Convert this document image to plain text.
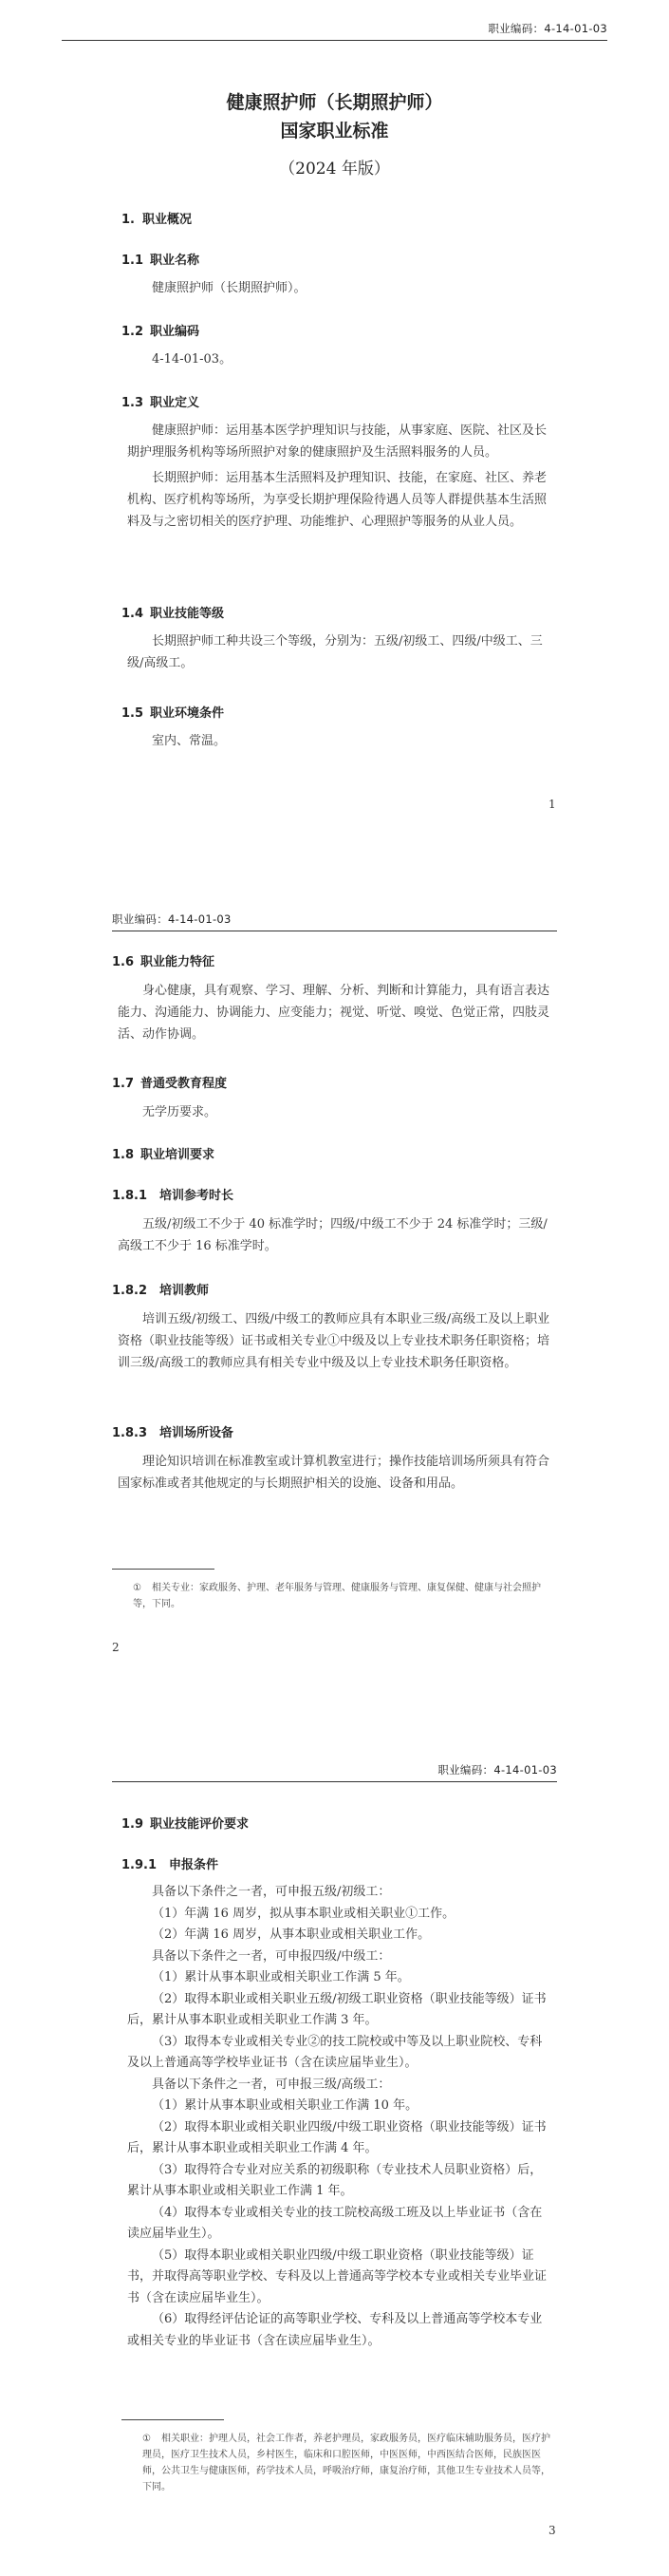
职业编码：4-14-01-03
健康照护师（长期照护师）
国家职业标准
（2024 年版）
1. 职业概况
1.1 职业名称
健康照护师（长期照护师）。
1.2 职业编码
4-14-01-03。
1.3 职业定义

健康照护师：运用基本医学护理知识与技能，从事家庭、医院、社区及长期护理服务机构等场所照护对象的健康照护及生活照料服务的人员。

长期照护师：运用基本生活照料及护理知识、技能，在家庭、社区、养老机构、医疗机构等场所，为享受长期护理保险待遇人员等人群提供基本生活照料及与之密切相关的医疗护理、功能维护、心理照护等服务的从业人员。

1.4 职业技能等级

长期照护师工种共设三个等级，分别为：五级/初级工、四级/中级工、三级/高级工。

1.5 职业环境条件
室内、常温。
1
职业编码：4-14-01-03
1.6 职业能力特征

身心健康，具有观察、学习、理解、分析、判断和计算能力，具有语言表达能力、沟通能力、协调能力、应变能力；视觉、听觉、嗅觉、色觉正常，四肢灵活、动作协调。

1.7 普通受教育程度
无学历要求。
1.8 职业培训要求
1.8.1 培训参考时长

五级/初级工不少于 40 标准学时；四级/中级工不少于 24 标准学时；三级/高级工不少于 16 标准学时。

1.8.2 培训教师

培训五级/初级工、四级/中级工的教师应具有本职业三级/高级工及以上职业资格（职业技能等级）证书或相关专业①中级及以上专业技术职务任职资格；培训三级/高级工的教师应具有相关专业中级及以上专业技术职务任职资格。

1.8.3 培训场所设备

理论知识培训在标准教室或计算机教室进行；操作技能培训场所须具有符合国家标准或者其他规定的与长期照护相关的设施、设备和用品。

① 相关专业：家政服务、护理、老年服务与管理、健康服务与管理、康复保健、健康与社会照护等，下同。
2
职业编码：4-14-01-03
1.9 职业技能评价要求
1.9.1 申报条件

具备以下条件之一者，可申报五级/初级工：

（1）年满 16 周岁，拟从事本职业或相关职业①工作。

（2）年满 16 周岁，从事本职业或相关职业工作。

具备以下条件之一者，可申报四级/中级工：

（1）累计从事本职业或相关职业工作满 5 年。

（2）取得本职业或相关职业五级/初级工职业资格（职业技能等级）证书后，累计从事本职业或相关职业工作满 3 年。

（3）取得本专业或相关专业②的技工院校或中等及以上职业院校、专科及以上普通高等学校毕业证书（含在读应届毕业生）。

具备以下条件之一者，可申报三级/高级工：

（1）累计从事本职业或相关职业工作满 10 年。

（2）取得本职业或相关职业四级/中级工职业资格（职业技能等级）证书后，累计从事本职业或相关职业工作满 4 年。

（3）取得符合专业对应关系的初级职称（专业技术人员职业资格）后，累计从事本职业或相关职业工作满 1 年。

（4）取得本专业或相关专业的技工院校高级工班及以上毕业证书（含在读应届毕业生）。

（5）取得本职业或相关职业四级/中级工职业资格（职业技能等级）证书，并取得高等职业学校、专科及以上普通高等学校本专业或相关专业毕业证书（含在读应届毕业生）。

（6）取得经评估论证的高等职业学校、专科及以上普通高等学校本专业或相关专业的毕业证书（含在读应届毕业生）。

① 相关职业：护理人员，社会工作者，养老护理员，家政服务员，医疗临床辅助服务员，医疗护理员，医疗卫生技术人员，乡村医生，临床和口腔医师，中医医师，中西医结合医师，民族医医师，公共卫生与健康医师，药学技术人员，呼吸治疗师，康复治疗师，其他卫生专业技术人员等，下同。
3
